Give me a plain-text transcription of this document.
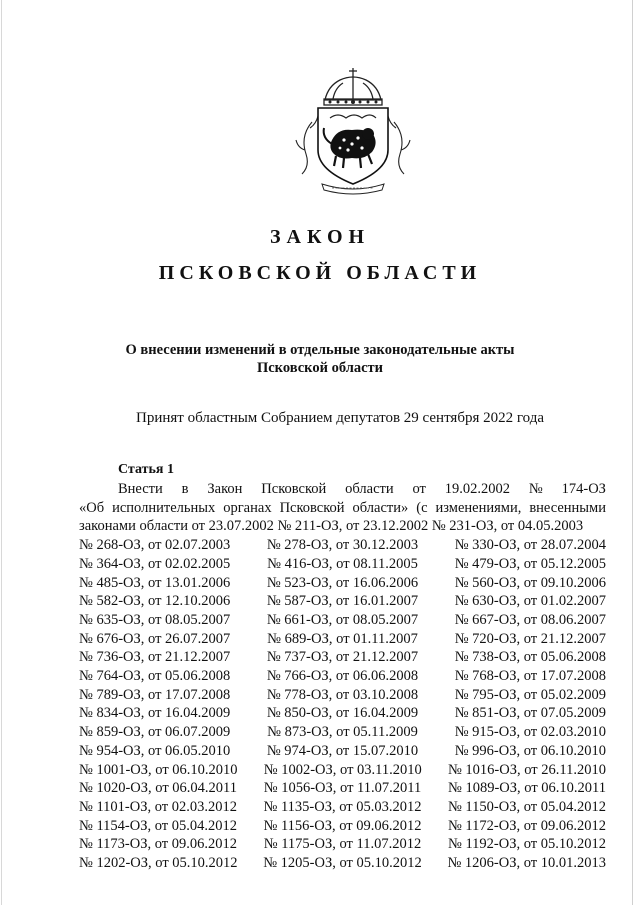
ЗАКОН
ПСКОВСКОЙ ОБЛАСТИ
О внесении изменений в отдельные законодательные акты
Псковской области
Принят областным Собранием депутатов 29 сентября 2022 года
Статья 1
Внести в Закон Псковской области от 19.02.2002 № 174-ОЗ
«Об исполнительных органах Псковской области» (с изменениями, внесенными
законами области от 23.07.2002 № 211-ОЗ, от 23.12.2002 № 231-ОЗ, от 04.05.2003
№ 268-ОЗ, от 02.07.2003	№ 278-ОЗ, от 30.12.2003	№ 330-ОЗ, от 28.07.2004
№ 364-ОЗ, от 02.02.2005	№ 416-ОЗ, от 08.11.2005	№ 479-ОЗ, от 05.12.2005
№ 485-ОЗ, от 13.01.2006	№ 523-ОЗ, от 16.06.2006	№ 560-ОЗ, от 09.10.2006
№ 582-ОЗ, от 12.10.2006	№ 587-ОЗ, от 16.01.2007	№ 630-ОЗ, от 01.02.2007
№ 635-ОЗ, от 08.05.2007	№ 661-ОЗ, от 08.05.2007	№ 667-ОЗ, от 08.06.2007
№ 676-ОЗ, от 26.07.2007	№ 689-ОЗ, от 01.11.2007	№ 720-ОЗ, от 21.12.2007
№ 736-ОЗ, от 21.12.2007	№ 737-ОЗ, от 21.12.2007	№ 738-ОЗ, от 05.06.2008
№ 764-ОЗ, от 05.06.2008	№ 766-ОЗ, от 06.06.2008	№ 768-ОЗ, от 17.07.2008
№ 789-ОЗ, от 17.07.2008	№ 778-ОЗ, от 03.10.2008	№ 795-ОЗ, от 05.02.2009
№ 834-ОЗ, от 16.04.2009	№ 850-ОЗ, от 16.04.2009	№ 851-ОЗ, от 07.05.2009
№ 859-ОЗ, от 06.07.2009	№ 873-ОЗ, от 05.11.2009	№ 915-ОЗ, от 02.03.2010
№ 954-ОЗ, от 06.05.2010	№ 974-ОЗ, от 15.07.2010	№ 996-ОЗ, от 06.10.2010
№ 1001-ОЗ, от 06.10.2010 № 1002-ОЗ, от 03.11.2010 № 1016-ОЗ, от 26.11.2010
№ 1020-ОЗ, от 06.04.2011 № 1056-ОЗ, от 11.07.2011 № 1089-ОЗ, от 06.10.2011
№ 1101-ОЗ, от 02.03.2012 № 1135-ОЗ, от 05.03.2012 № 1150-ОЗ, от 05.04.2012
№ 1154-ОЗ, от 05.04.2012 № 1156-ОЗ, от 09.06.2012 № 1172-ОЗ, от 09.06.2012
№ 1173-ОЗ, от 09.06.2012 № 1175-ОЗ, от 11.07.2012 № 1192-ОЗ, от 05.10.2012
№ 1202-ОЗ, от 05.10.2012 № 1205-ОЗ, от 05.10.2012 № 1206-ОЗ, от 10.01.2013
